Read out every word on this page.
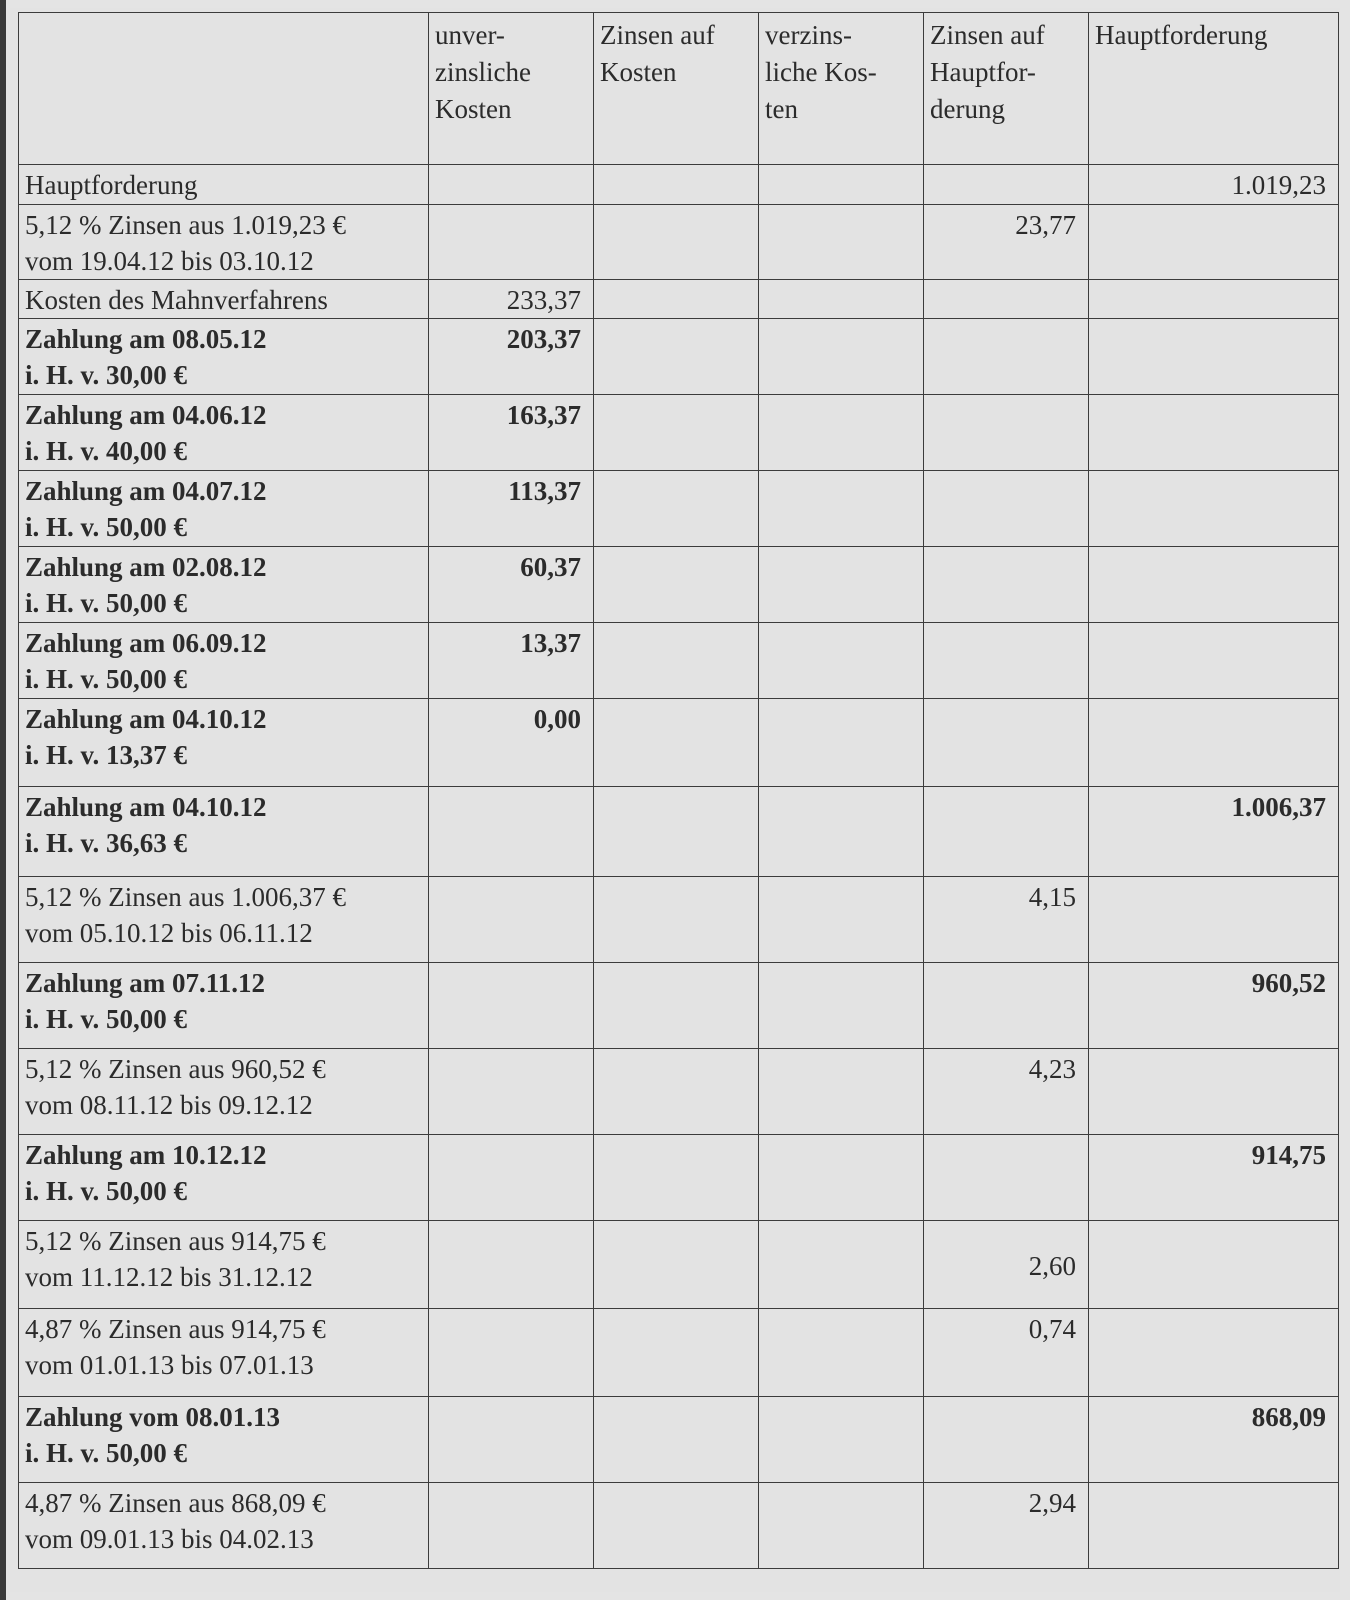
	unver-
zinsliche
Kosten	Zinsen auf
Kosten	verzins-
liche Kos-
ten	Zinsen auf
Hauptfor-
derung	Hauptforderung

Hauptforderung					1.019,23

5,12 % Zinsen aus 1.019,23 €
vom 19.04.12 bis 03.10.12				23,77	

Kosten des Mahnverfahrens	233,37				

Zahlung am 08.05.12
i. H. v. 30,00 €	203,37				

Zahlung am 04.06.12
i. H. v. 40,00 €	163,37				

Zahlung am 04.07.12
i. H. v. 50,00 €	113,37				

Zahlung am 02.08.12
i. H. v. 50,00 €	60,37				

Zahlung am 06.09.12
i. H. v. 50,00 €	13,37				

Zahlung am 04.10.12
i. H. v. 13,37 €	0,00				

Zahlung am 04.10.12
i. H. v. 36,63 €					1.006,37

5,12 % Zinsen aus 1.006,37 €
vom 05.10.12 bis 06.11.12				4,15	

Zahlung am 07.11.12
i. H. v. 50,00 €					960,52

5,12 % Zinsen aus 960,52 €
vom 08.11.12 bis 09.12.12				4,23	

Zahlung am 10.12.12
i. H. v. 50,00 €					914,75

5,12 % Zinsen aus 914,75 €
vom 11.12.12 bis 31.12.12				2,60	

4,87 % Zinsen aus 914,75 €
vom 01.01.13 bis 07.01.13				0,74	

Zahlung vom 08.01.13
i. H. v. 50,00 €					868,09

4,87 % Zinsen aus 868,09 €
vom 09.01.13 bis 04.02.13				2,94	
